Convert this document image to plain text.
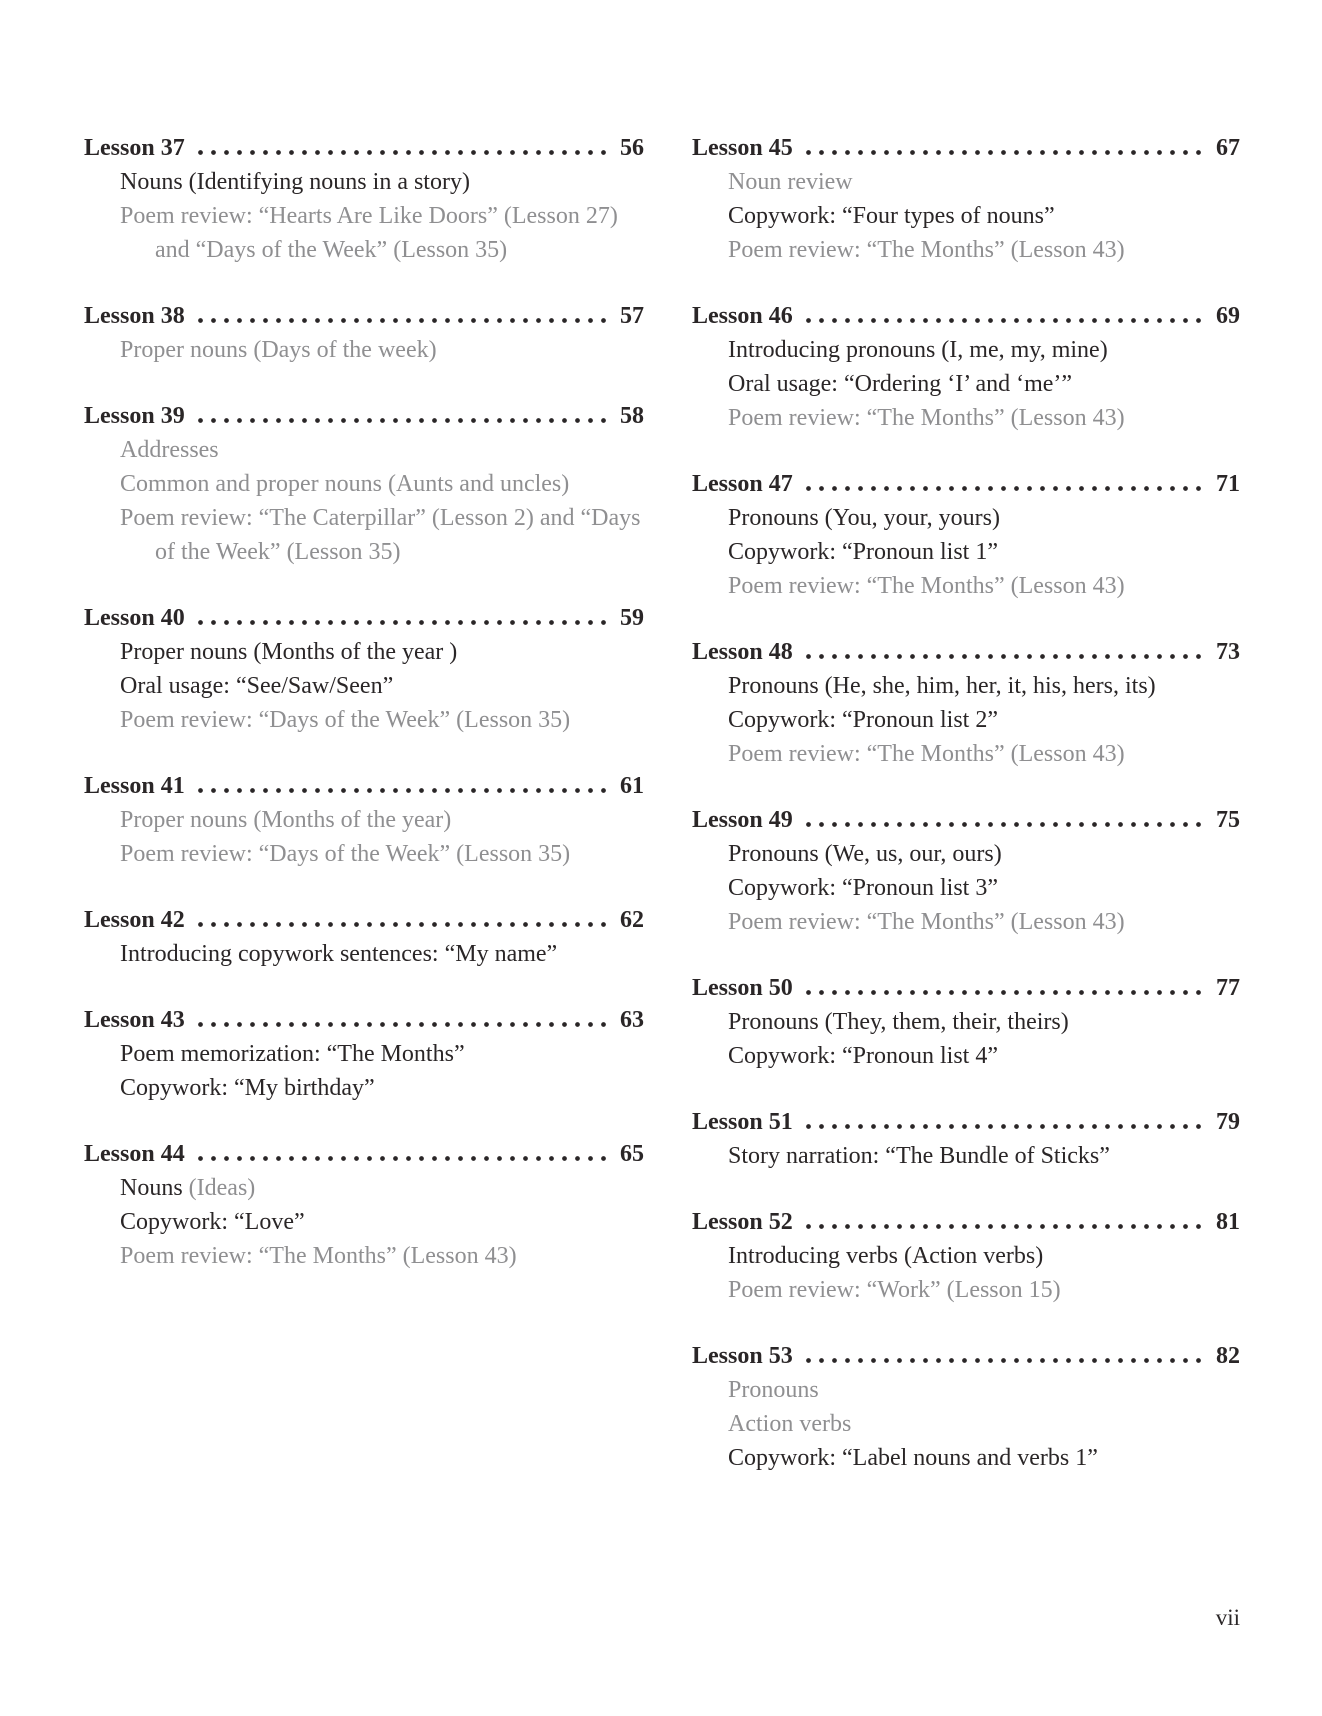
Lesson 37	56
Nouns (Identifying nouns in a story)
Poem review: “Hearts Are Like Doors” (Lesson 27) and “Days of the Week” (Lesson 35)
Lesson 38	57
Proper nouns (Days of the week)
Lesson 39	58
Addresses
Common and proper nouns (Aunts and uncles)
Poem review: “The Caterpillar” (Lesson 2) and “Days of the Week” (Lesson 35)
Lesson 40	59
Proper nouns (Months of the year )
Oral usage: “See/Saw/Seen”
Poem review: “Days of the Week” (Lesson 35)
Lesson 41	61
Proper nouns (Months of the year)
Poem review: “Days of the Week” (Lesson 35)
Lesson 42	62
Introducing copywork sentences: “My name”
Lesson 43	63
Poem memorization: “The Months”
Copywork: “My birthday”
Lesson 44	65
Nouns (Ideas)
Copywork: “Love”
Poem review: “The Months” (Lesson 43)
Lesson 45	67
Noun review
Copywork: “Four types of nouns”
Poem review: “The Months” (Lesson 43)
Lesson 46	69
Introducing pronouns (I, me, my, mine)
Oral usage: “Ordering ‘I’ and ‘me’”
Poem review: “The Months” (Lesson 43)
Lesson 47	71
Pronouns (You, your, yours)
Copywork: “Pronoun list 1”
Poem review: “The Months” (Lesson 43)
Lesson 48	73
Pronouns (He, she, him, her, it, his, hers, its)
Copywork: “Pronoun list 2”
Poem review: “The Months” (Lesson 43)
Lesson 49	75
Pronouns (We, us, our, ours)
Copywork: “Pronoun list 3”
Poem review: “The Months” (Lesson 43)
Lesson 50	77
Pronouns (They, them, their, theirs)
Copywork: “Pronoun list 4”
Lesson 51	79
Story narration: “The Bundle of Sticks”
Lesson 52	81
Introducing verbs (Action verbs)
Poem review: “Work” (Lesson 15)
Lesson 53	82
Pronouns
Action verbs
Copywork: “Label nouns and verbs 1”
vii
